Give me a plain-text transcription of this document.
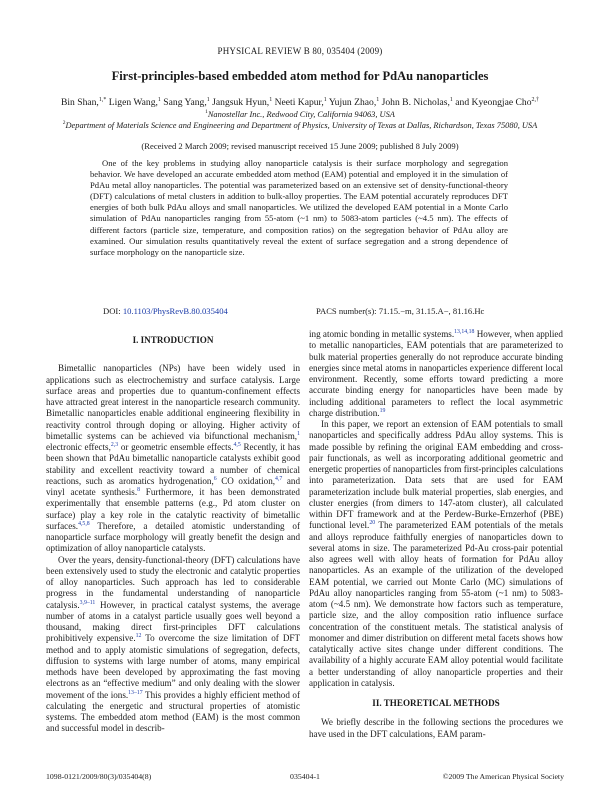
PHYSICAL REVIEW B 80, 035404 (2009)
First-principles-based embedded atom method for PdAu nanoparticles
Bin Shan,$^{1,*}$ Ligen Wang,$^1$ Sang Yang,$^1$ Jangsuk Hyun,$^1$ Neeti Kapur,$^1$ Yujun Zhao,$^1$ John B. Nicholas,$^1$ and Kyeongjae Cho$^{2,\dagger}$
$^1$Nanostellar Inc., Redwood City, California 94063, USA
$^2$Department of Materials Science and Engineering and Department of Physics, University of Texas at Dallas, Richardson, Texas 75080, USA
(Received 2 March 2009; revised manuscript received 15 June 2009; published 8 July 2009)
One of the key problems in studying alloy nanoparticle catalysis is their surface morphology and segregation behavior. We have developed an accurate embedded atom method (EAM) potential and employed it in the simulation of PdAu metal alloy nanoparticles. The potential was parameterized based on an extensive set of density-functional-theory (DFT) calculations of metal clusters in addition to bulk-alloy properties. The EAM potential accurately reproduces DFT energies of both bulk PdAu alloys and small nanoparticles. We utilized the developed EAM potential in a Monte Carlo simulation of PdAu nanoparticles ranging from 55-atom (~1 nm) to 5083-atom particles (~4.5 nm). The effects of different factors (particle size, temperature, and composition ratios) on the segregation behavior of PdAu alloy are examined. Our simulation results quantitatively reveal the extent of surface segregation and a strong dependence of surface morphology on the nanoparticle size.
DOI: 10.1103/PhysRevB.80.035404	PACS number(s): 71.15.−m, 31.15.A−, 81.16.Hc
I. INTRODUCTION

Bimetallic nanoparticles (NPs) have been widely used in applications such as electrochemistry and surface catalysis. Large surface areas and properties due to quantum-confinement effects have attracted great interest in the nanoparticle research community. Bimetallic nanoparticles enable additional engineering flexibility in reactivity control through doping or alloying. Higher activity of bimetallic systems can be achieved via bifunctional mechanism,$^1$ electronic effects,$^{2,3}$ or geometric ensemble effects.$^{4,5}$ Recently, it has been shown that PdAu bimetallic nanoparticle catalysts exhibit good stability and excellent reactivity toward a number of chemical reactions, such as aromatics hydrogenation,$^6$ CO oxidation,$^{4,7}$ and vinyl acetate synthesis.$^8$ Furthermore, it has been demonstrated experimentally that ensemble patterns (e.g., Pd atom cluster on surface) play a key role in the catalytic reactivity of bimetallic surfaces.$^{4,5,8}$ Therefore, a detailed atomistic understanding of nanoparticle surface morphology will greatly benefit the design and optimization of alloy nanoparticle catalysts.

Over the years, density-functional-theory (DFT) calculations have been extensively used to study the electronic and catalytic properties of alloy nanoparticles. Such approach has led to considerable progress in the fundamental understanding of nanoparticle catalysis.$^{3,9-11}$ However, in practical catalyst systems, the average number of atoms in a catalyst particle usually goes well beyond a thousand, making direct first-principles DFT calculations prohibitively expensive.$^{12}$ To overcome the size limitation of DFT method and to apply atomistic simulations of segregation, defects, diffusion to systems with large number of atoms, many empirical methods have been developed by approximating the fast moving electrons as an “effective medium” and only dealing with the slower movement of the ions.$^{13-17}$ This provides a highly efficient method of calculating the energetic and structural properties of atomistic systems. The embedded atom method (EAM) is the most common and successful model in describ-

ing atomic bonding in metallic systems.$^{13,14,18}$ However, when applied to metallic nanoparticles, EAM potentials that are parameterized to bulk material properties generally do not reproduce accurate binding energies since metal atoms in nanoparticles experience different local environment. Recently, some efforts toward predicting a more accurate binding energy for nanoparticles have been made by including additional parameters to reflect the local asymmetric charge distribution.$^{19}$

In this paper, we report an extension of EAM potentials to small nanoparticles and specifically address PdAu alloy systems. This is made possible by refining the original EAM embedding and cross-pair functionals, as well as incorporating additional geometric and energetic properties of nanoparticles from first-principles calculations into parameterization. Data sets that are used for EAM parameterization include bulk material properties, slab energies, and cluster energies (from dimers to 147-atom cluster), all calculated within DFT framework and at the Perdew-Burke-Ernzerhof (PBE) functional level.$^{20}$ The parameterized EAM potentials of the metals and alloys reproduce faithfully energies of nanoparticles down to several atoms in size. The parameterized Pd-Au cross-pair potential also agrees well with alloy heats of formation for PdAu alloy nanoparticles. As an example of the utilization of the developed EAM potential, we carried out Monte Carlo (MC) simulations of PdAu alloy nanoparticles ranging from 55-atom (~1 nm) to 5083-atom (~4.5 nm). We demonstrate how factors such as temperature, particle size, and the alloy composition ratio influence surface concentration of the constituent metals. The statistical analysis of monomer and dimer distribution on different metal facets shows how catalytically active sites change under different conditions. The availability of a highly accurate EAM alloy potential would facilitate a better understanding of alloy nanoparticle properties and their application in catalysis.

II. THEORETICAL METHODS

We briefly describe in the following sections the procedures we have used in the DFT calculations, EAM param-

1098-0121/2009/80(3)/035404(8)	035404-1	©2009 The American Physical Society
